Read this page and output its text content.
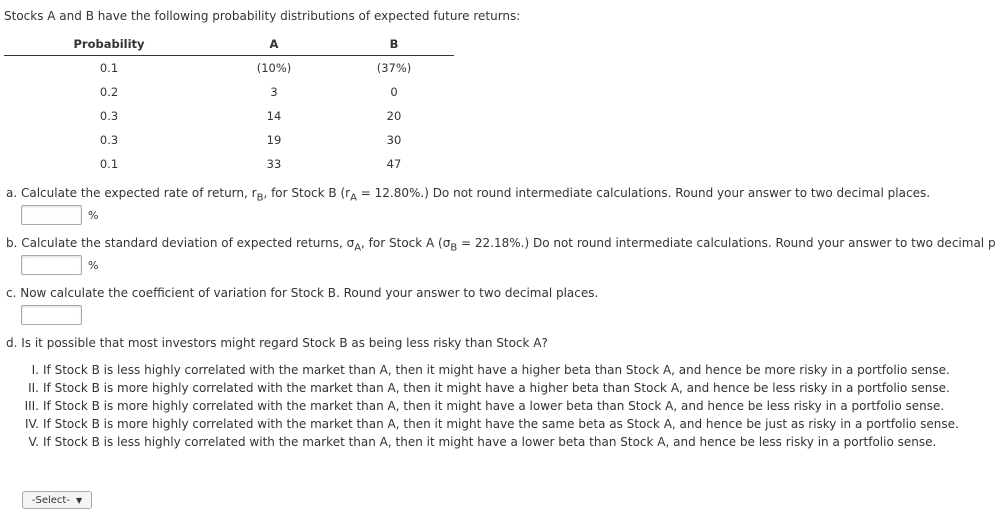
Stocks A and B have the following probability distributions of expected future returns:
Probability	A	B
0.1	(10%)	(37%)
0.2	3	0
0.3	14	20
0.3	19	30
0.1	33	47
a. Calculate the expected rate of return, $r_B$, for Stock B $(r_A = 12.80\%.)$ Do not round intermediate calculations. Round your answer to two decimal places.
%
b. Calculate the standard deviation of expected returns, $\sigma_A$, for Stock A $(\sigma_B = 22.18\%.)$ Do not round intermediate calculations. Round your answer to two decimal p
%
c. Now calculate the coefficient of variation for Stock B. Round your answer to two decimal places.
d. Is it possible that most investors might regard Stock B as being less risky than Stock A?
I. If Stock B is less highly correlated with the market than A, then it might have a higher beta than Stock A, and hence be more risky in a portfolio sense.
II. If Stock B is more highly correlated with the market than A, then it might have a higher beta than Stock A, and hence be less risky in a portfolio sense.
III. If Stock B is more highly correlated with the market than A, then it might have a lower beta than Stock A, and hence be less risky in a portfolio sense.
IV. If Stock B is more highly correlated with the market than A, then it might have the same beta as Stock A, and hence be just as risky in a portfolio sense.
V. If Stock B is less highly correlated with the market than A, then it might have a lower beta than Stock A, and hence be less risky in a portfolio sense.
-Select- ▼
